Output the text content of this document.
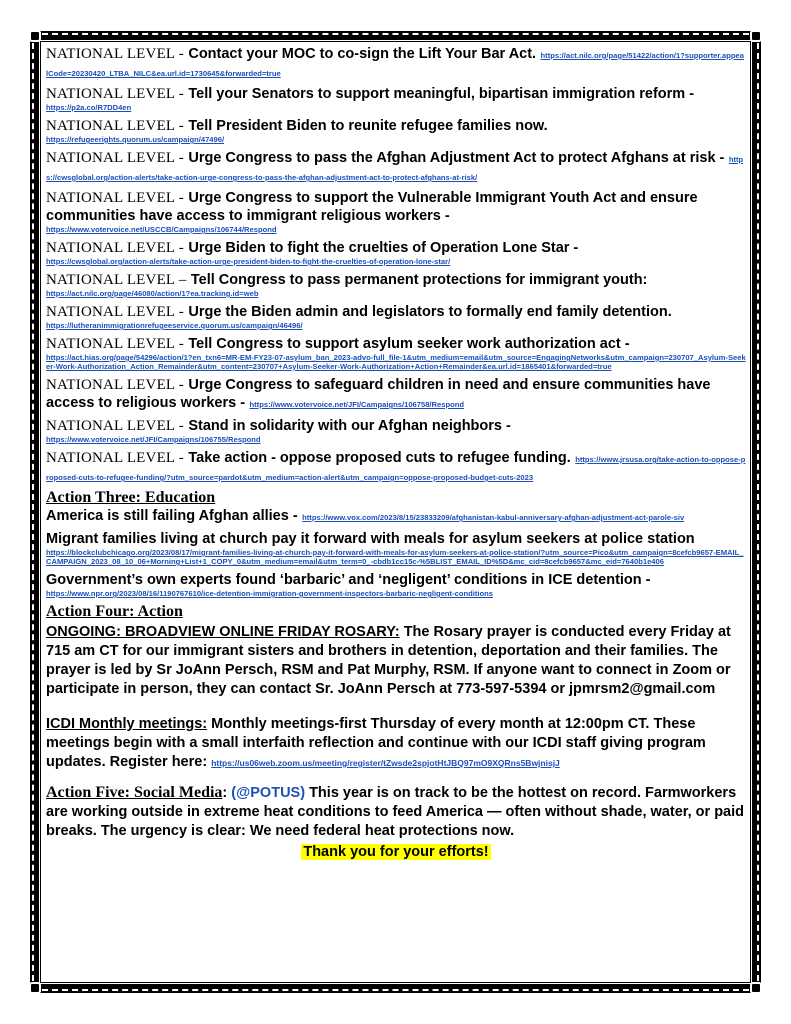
NATIONAL LEVEL - Contact your MOC to co-sign the Lift Your Bar Act. https://act.nilc.org/page/51422/action/1?supporter.appealCode=20230420_LTBA_NILC&ea.url.id=1730645&forwarded=true
NATIONAL LEVEL - Tell your Senators to support meaningful, bipartisan immigration reform -
https://p2a.co/R7DD4en
NATIONAL LEVEL - Tell President Biden to reunite refugee families now.
https://refugeerights.quorum.us/campaign/47496/
NATIONAL LEVEL - Urge Congress to pass the Afghan Adjustment Act to protect Afghans at risk - https://cwsglobal.org/action-alerts/take-action-urge-congress-to-pass-the-afghan-adjustment-act-to-protect-afghans-at-risk/
NATIONAL LEVEL - Urge Congress to support the Vulnerable Immigrant Youth Act and ensure communities have access to immigrant religious workers -
https://www.votervoice.net/USCCB/Campaigns/106744/Respond
NATIONAL LEVEL - Urge Biden to fight the cruelties of Operation Lone Star -
https://cwsglobal.org/action-alerts/take-action-urge-president-biden-to-fight-the-cruelties-of-operation-lone-star/
NATIONAL LEVEL – Tell Congress to pass permanent protections for immigrant youth:
https://act.nilc.org/page/46080/action/1?ea.tracking.id=web
NATIONAL LEVEL - Urge the Biden admin and legislators to formally end family detention.
https://lutheranimmigrationrefugeeservice.quorum.us/campaign/46496/
NATIONAL LEVEL - Tell Congress to support asylum seeker work authorization act -
https://act.hias.org/page/54296/action/1?en_txn6=MR-EM-FY23-07-asylum_ban_2023-advo-full_file-1&utm_medium=email&utm_source=EngagingNetworks&utm_campaign=230707_Asylum-Seeker-Work-Authorization_Action_Remainder&utm_content=230707+Asylum-Seeker-Work-Authorization+Action+Remainder&ea.url.id=1865401&forwarded=true
NATIONAL LEVEL - Urge Congress to safeguard children in need and ensure communities have access to religious workers - https://www.votervoice.net/JFI/Campaigns/106758/Respond
NATIONAL LEVEL - Stand in solidarity with our Afghan neighbors -
https://www.votervoice.net/JFI/Campaigns/106755/Respond
NATIONAL LEVEL - Take action - oppose proposed cuts to refugee funding. https://www.jrsusa.org/take-action-to-oppose-proposed-cuts-to-refugee-funding/?utm_source=pardot&utm_medium=action-alert&utm_campaign=oppose-proposed-budget-cuts-2023
Action Three: Education
America is still failing Afghan allies - https://www.vox.com/2023/8/15/23833209/afghanistan-kabul-anniversary-afghan-adjustment-act-parole-siv
Migrant families living at church pay it forward with meals for asylum seekers at police station
https://blockclubchicago.org/2023/08/17/migrant-families-living-at-church-pay-it-forward-with-meals-for-asylum-seekers-at-police-station/?utm_source=Pico&utm_campaign=8cefcb9657-EMAIL_CAMPAIGN_2023_08_10_06+Morning+List+1_COPY_0&utm_medium=email&utm_term=0_-cbdb1cc15c-%5BLIST_EMAIL_ID%5D&mc_cid=8cefcb9657&mc_eid=7640b1e406
Government’s own experts found ‘barbaric’ and ‘negligent’ conditions in ICE detention -
https://www.npr.org/2023/08/16/1190767610/ice-detention-immigration-government-inspectors-barbaric-negligent-conditions
Action Four: Action
ONGOING: BROADVIEW ONLINE FRIDAY ROSARY: The Rosary prayer is conducted every Friday at 715 am CT for our immigrant sisters and brothers in detention, deportation and their families. The prayer is led by Sr JoAnn Persch, RSM and Pat Murphy, RSM. If anyone want to connect in Zoom or participate in person, they can contact Sr. JoAnn Persch at 773-597-5394 or jpmrsm2@gmail.com
ICDI Monthly meetings: Monthly meetings-first Thursday of every month at 12:00pm CT. These meetings begin with a small interfaith reflection and continue with our ICDI staff giving program updates. Register here: https://us06web.zoom.us/meeting/register/tZwsde2spjotHtJBQ97mO9XQRns5BwjnisjJ
Action Five: Social Media: (@POTUS) This year is on track to be the hottest on record. Farmworkers are working outside in extreme heat conditions to feed America — often without shade, water, or paid breaks. The urgency is clear: We need federal heat protections now.
Thank you for your efforts!
